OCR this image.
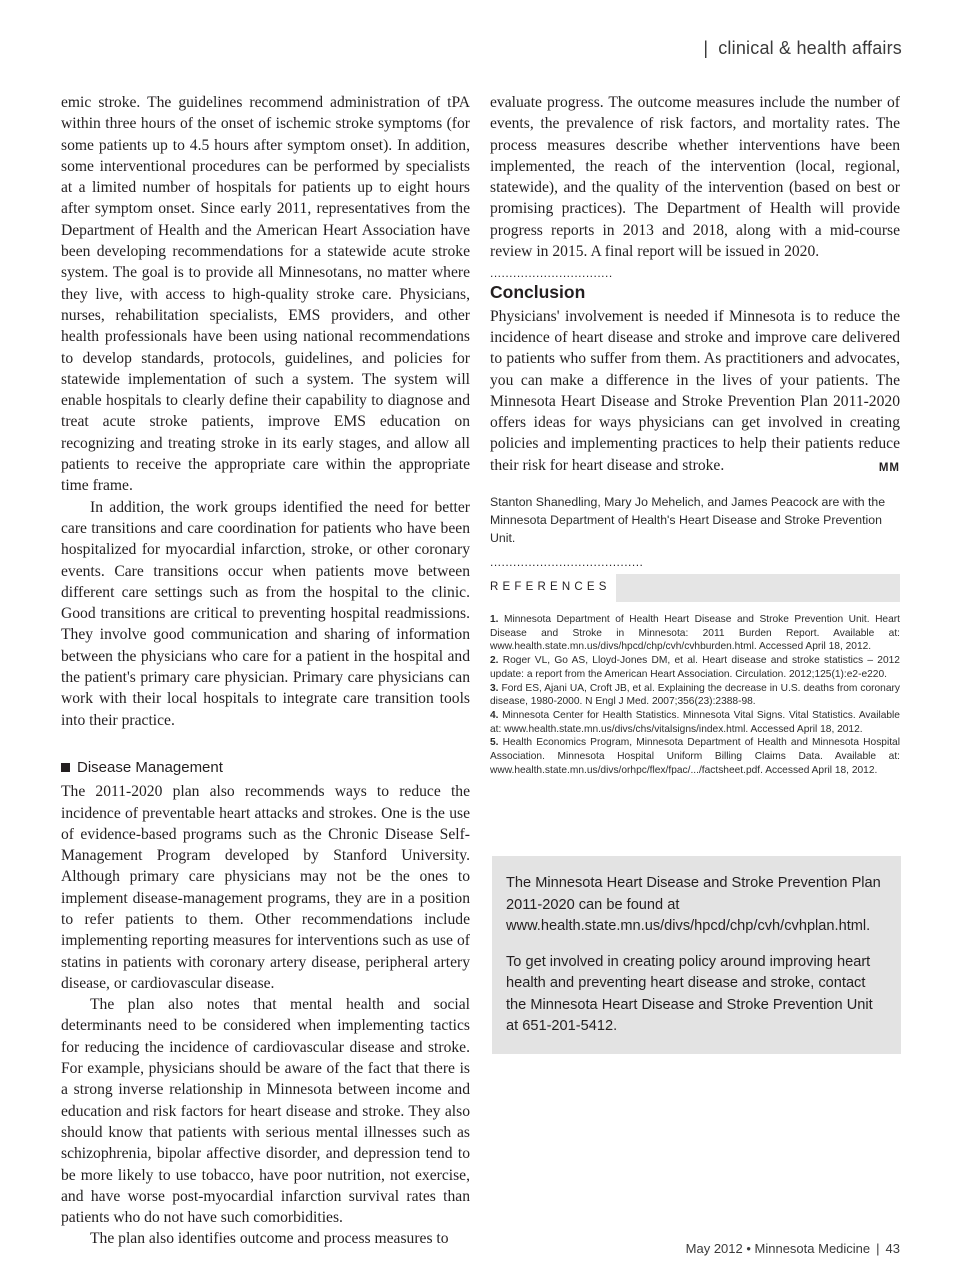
| clinical & health affairs

emic stroke. The guidelines recommend administration of tPA within three hours of the onset of ischemic stroke symptoms (for some patients up to 4.5 hours after symptom onset). In addition, some interventional procedures can be performed by specialists at a limited number of hospitals for patients up to eight hours after symptom onset. Since early 2011, representatives from the Department of Health and the American Heart Association have been developing recommendations for a statewide acute stroke system. The goal is to provide all Minnesotans, no matter where they live, with access to high-quality stroke care. Physicians, nurses, rehabilitation specialists, EMS providers, and other health professionals have been using national recommendations to develop standards, protocols, guidelines, and policies for statewide implementation of such a system. The system will enable hospitals to clearly define their capability to diagnose and treat acute stroke patients, improve EMS education on recognizing and treating stroke in its early stages, and allow all patients to receive the appropriate care within the appropriate time frame.

In addition, the work groups identified the need for better care transitions and care coordination for patients who have been hospitalized for myocardial infarction, stroke, or other coronary events. Care transitions occur when patients move between different care settings such as from the hospital to the clinic. Good transitions are critical to preventing hospital readmissions. They involve good communication and sharing of information between the physicians who care for a patient in the hospital and the patient's primary care physician. Primary care physicians can work with their local hospitals to integrate care transition tools into their practice.

Disease Management

The 2011-2020 plan also recommends ways to reduce the incidence of preventable heart attacks and strokes. One is the use of evidence-based programs such as the Chronic Disease Self-Management Program developed by Stanford University. Although primary care physicians may not be the ones to implement disease-management programs, they are in a position to refer patients to them. Other recommendations include implementing reporting measures for interventions such as use of statins in patients with coronary artery disease, peripheral artery disease, or cardiovascular disease.

The plan also notes that mental health and social determinants need to be considered when implementing tactics for reducing the incidence of cardiovascular disease and stroke. For example, physicians should be aware of the fact that there is a strong inverse relationship in Minnesota between income and education and risk factors for heart disease and stroke. They also should know that patients with serious mental illnesses such as schizophrenia, bipolar affective disorder, and depression tend to be more likely to use tobacco, have poor nutrition, not exercise, and have worse post-myocardial infarction survival rates than patients who do not have such comorbidities.

The plan also identifies outcome and process measures to

evaluate progress. The outcome measures include the number of events, the prevalence of risk factors, and mortality rates. The process measures describe whether interventions have been implemented, the reach of the intervention (local, regional, statewide), and the quality of the intervention (based on best or promising practices). The Department of Health will provide progress reports in 2013 and 2018, along with a mid-course review in 2015. A final report will be issued in 2020.

................................
Conclusion

Physicians' involvement is needed if Minnesota is to reduce the incidence of heart disease and stroke and improve care delivered to patients who suffer from them. As practitioners and advocates, you can make a difference in the lives of your patients. The Minnesota Heart Disease and Stroke Prevention Plan 2011-2020 offers ideas for ways physicians can get involved in creating policies and implementing practices to help their patients reduce their risk for heart disease and stroke.	MM

Stanton Shanedling, Mary Jo Mehelich, and James Peacock are with the Minnesota Department of Health's Heart Disease and Stroke Prevention Unit.
........................................
REFERENCES
1. Minnesota Department of Health Heart Disease and Stroke Prevention Unit. Heart Disease and Stroke in Minnesota: 2011 Burden Report. Available at: www.health.state.mn.us/divs/hpcd/chp/cvh/cvhburden.html. Accessed April 18, 2012.
2. Roger VL, Go AS, Lloyd-Jones DM, et al. Heart disease and stroke statistics – 2012 update: a report from the American Heart Association. Circulation. 2012;125(1):e2-e220.
3. Ford ES, Ajani UA, Croft JB, et al. Explaining the decrease in U.S. deaths from coronary disease, 1980-2000. N Engl J Med. 2007;356(23):2388-98.
4. Minnesota Center for Health Statistics. Minnesota Vital Signs. Vital Statistics. Available at: www.health.state.mn.us/divs/chs/vitalsigns/index.html. Accessed April 18, 2012.
5. Health Economics Program, Minnesota Department of Health and Minnesota Hospital Association. Minnesota Hospital Uniform Billing Claims Data. Available at: www.health.state.mn.us/divs/orhpc/flex/fpac/.../factsheet.pdf. Accessed April 18, 2012.

The Minnesota Heart Disease and Stroke Prevention Plan 2011-2020 can be found at www.health.state.mn.us/divs/hpcd/chp/cvh/cvhplan.html.

To get involved in creating policy around improving heart health and preventing heart disease and stroke, contact the Minnesota Heart Disease and Stroke Prevention Unit at 651-201-5412.

May 2012 • Minnesota Medicine | 43
